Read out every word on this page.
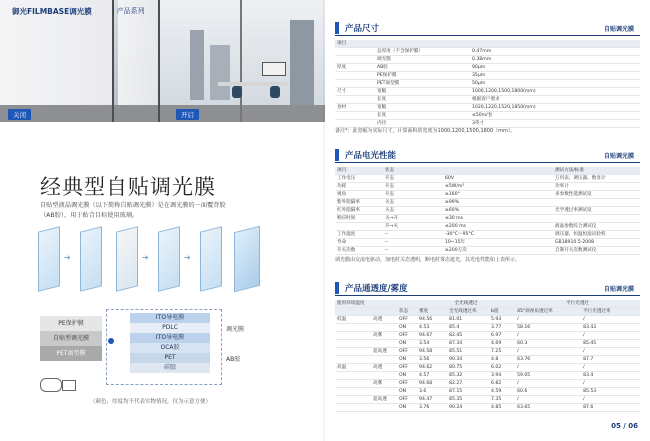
御光FILMBASE调光膜	| 产品系列
关闭	开启
经典型自贴调光膜
自贴型液晶调光膜（以下简称自贴调光膜）是在调光膜的一面覆背胶（AB胶），用于贴合目标使用玻璃。
➜	➜	➜
PE保护膜
自贴型调光膜
PET离型膜
ITO导电膜
PDLC
ITO导电膜
OCA胶
PET
硅胶
调光膜
AB胶
（颜色、厚度均不代表实物情况，仅为示意方便）
产品尺寸	自贴调光膜
项目		
	总厚度（不含保护膜）	0.47mm
	调光膜	0.38mm
厚度	AB胶	90μm
	PE保护膜	35μm
	PET离型膜	50μm
尺寸	宽幅	1000,1200,1500,1800(mm)
	长度	根据客户要求
卷材	宽幅	1020,1220,1520,1850(mm)
	长度	≤50m/卷
	内径	3英寸
备注*：此宽幅为实际尺寸，计算面积的宽度为1000,1200,1500,1800（mm）。
产品电光性能	自贴调光膜
项目	状态		测试方法/标准
工作电压	开态	60V	万用表、调压器、数显计
功耗	开态	≤5W/m²	功率计
视角	开态	≥160°	多参数性能测试仪
紫外阻隔率	关态	≥99%	
红外阻隔率	关态	≥60%	光学透过率测试仪
响应时间	关→开	≤30 ms	
	开→关	≤200 ms	液晶参数综合测试仪
工作温度	--	-30°C～95°C	调压器、恒温恒湿试验机
寿命	--	10~15年	GB18910.5-2008
开关次数	--	≥200万次	自制开关次数测试仪
调光膜由交流电驱动，加电时关态透明，断电时雾态遮光，其光电性能如上表所示。
产品通透度/雾度	自贴调光膜
使用环境温度			全光线透过			平行光透过	
		状态	雾度	全光线透过率	b值	45°斜视角透过率	平行光透过率
低温	高透	OFF	94.56	81.01	5.93	/	/
		ON	4.53	85.4	3.77	58.16	83.43
	高雾	OFF	94.67	82.45	6.97	/	/
		ON	3.54	87.34	4.69	60.3	85.45
	超高透	OFF	94.58	85.51	7.25	/	/
		ON	3.56	90.34	4.8	63.76	87.7
高温	高透	OFF	94.62	80.75	6.02	/	/
		ON	4.57	85.32	3.94	59.05	83.4
	高雾	OFF	94.68	82.27	6.82	/	/
		ON	3.6	87.15	4.59	60.6	85.53
	超高透	OFF	94.47	85.35	7.35	/	/
		ON	3.76	90.24	4.85	63.65	87.6
05 / 06
